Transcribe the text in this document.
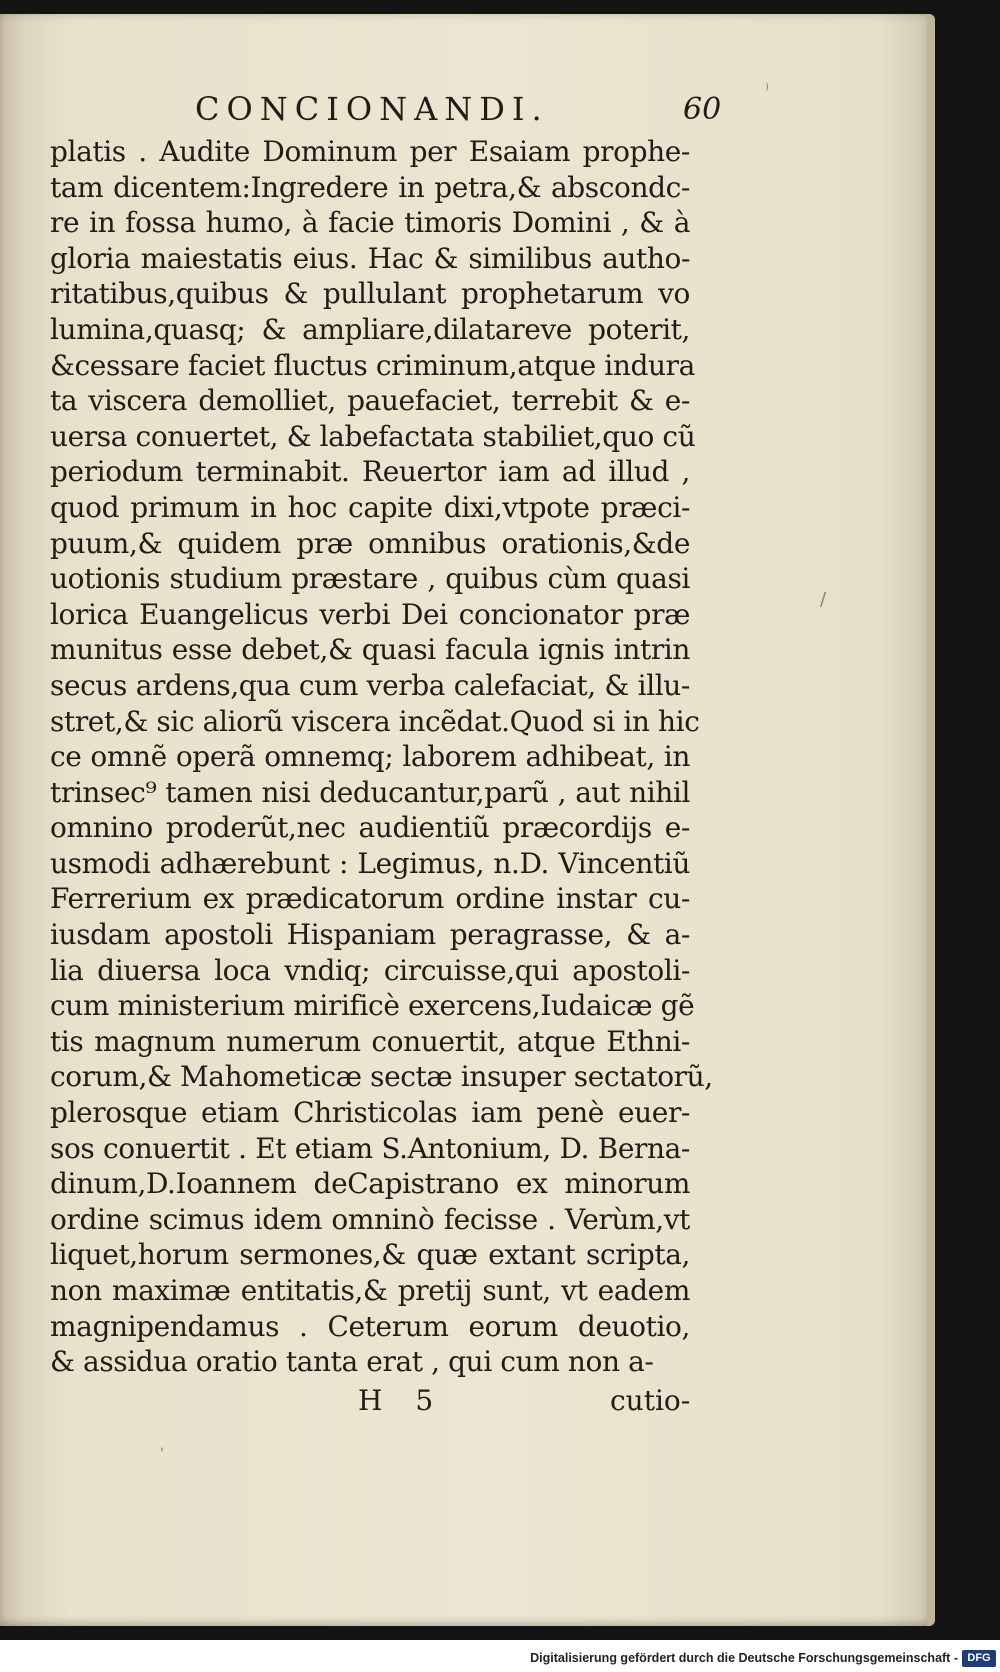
CONCIONANDI.	60
platis . Audite Dominum per Esaiam prophe-
tam dicentem:Ingredere in petra,& abscondc-
re in fossa humo, à facie timoris Domini , & à
gloria maiestatis eius. Hac & similibus autho-
ritatibus,quibus & pullulant prophetarum vo
lumina,quasq; & ampliare,dilatareve poterit,
&cessare faciet fluctus criminum,atque indura
ta viscera demolliet, pauefaciet, terrebit & e-
uersa conuertet, & labefactata stabiliet,quo cũ
periodum terminabit. Reuertor iam ad illud ,
quod primum in hoc capite dixi,vtpote præci-
puum,& quidem præ omnibus orationis,&de
uotionis studium præstare , quibus cùm quasi
lorica Euangelicus verbi Dei concionator præ
munitus esse debet,& quasi facula ignis intrin
secus ardens,qua cum verba calefaciat, & illu-
stret,& sic aliorũ viscera incẽdat.Quod si in hic
ce omnẽ operã omnemq; laborem adhibeat, in
trinsec⁹ tamen nisi deducantur,parũ , aut nihil
omnino proderũt,nec audientiũ præcordijs e-
usmodi adhærebunt : Legimus, n.D. Vincentiũ
Ferrerium ex prædicatorum ordine instar cu-
iusdam apostoli Hispaniam peragrasse, & a-
lia diuersa loca vndiq; circuisse,qui apostoli-
cum ministerium mirificè exercens,Iudaicæ gẽ
tis magnum numerum conuertit, atque Ethni-
corum,& Mahometicæ sectæ insuper sectatorũ,
plerosque etiam Christicolas iam penè euer-
sos conuertit . Et etiam S.Antonium, D. Berna-
dinum,D.Ioannem deCapistrano ex minorum
ordine scimus idem omninò fecisse . Verùm,vt
liquet,horum sermones,& quæ extant scripta,
non maximæ entitatis,& pretij sunt, vt eadem
magnipendamus . Ceterum eorum deuotio,
& assidua oratio tanta erat , qui cum non a-
H 5	cutio-
⁾
/
'
Digitalisierung gefördert durch die Deutsche Forschungsgemeinschaft - DFG
